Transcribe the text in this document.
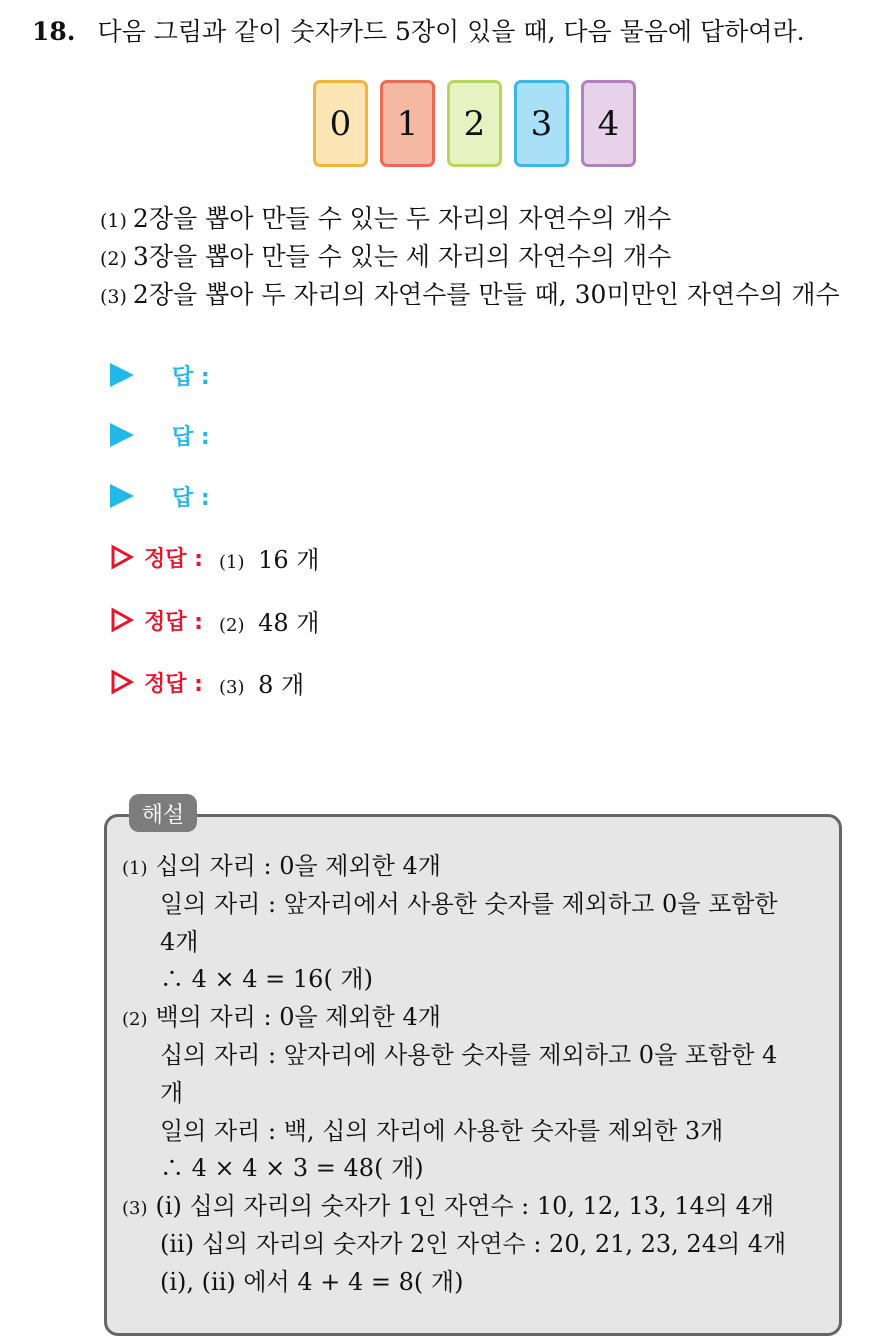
18. 다음 그림과 같이 숫자카드 5장이 있을 때, 다음 물음에 답하여라.
0 1 2 3 4
(1) 2장을 뽑아 만들 수 있는 두 자리의 자연수의 개수
(2) 3장을 뽑아 만들 수 있는 세 자리의 자연수의 개수
(3) 2장을 뽑아 두 자리의 자연수를 만들 때, 30미만인 자연수의 개수
답 :
답 :
답 :
정답 : (1) 16 개
정답 : (2) 48 개
정답 : (3) 8 개
해설
(1) 십의 자리 : 0을 제외한 4개
일의 자리 : 앞자리에서 사용한 숫자를 제외하고 0을 포함한
4개
∴ 4 × 4 = 16( 개)
(2) 백의 자리 : 0을 제외한 4개
십의 자리 : 앞자리에 사용한 숫자를 제외하고 0을 포함한 4
개
일의 자리 : 백, 십의 자리에 사용한 숫자를 제외한 3개
∴ 4 × 4 × 3 = 48( 개)
(3) (i) 십의 자리의 숫자가 1인 자연수 : 10, 12, 13, 14의 4개
(ii) 십의 자리의 숫자가 2인 자연수 : 20, 21, 23, 24의 4개
(i), (ii) 에서 4 + 4 = 8( 개)
